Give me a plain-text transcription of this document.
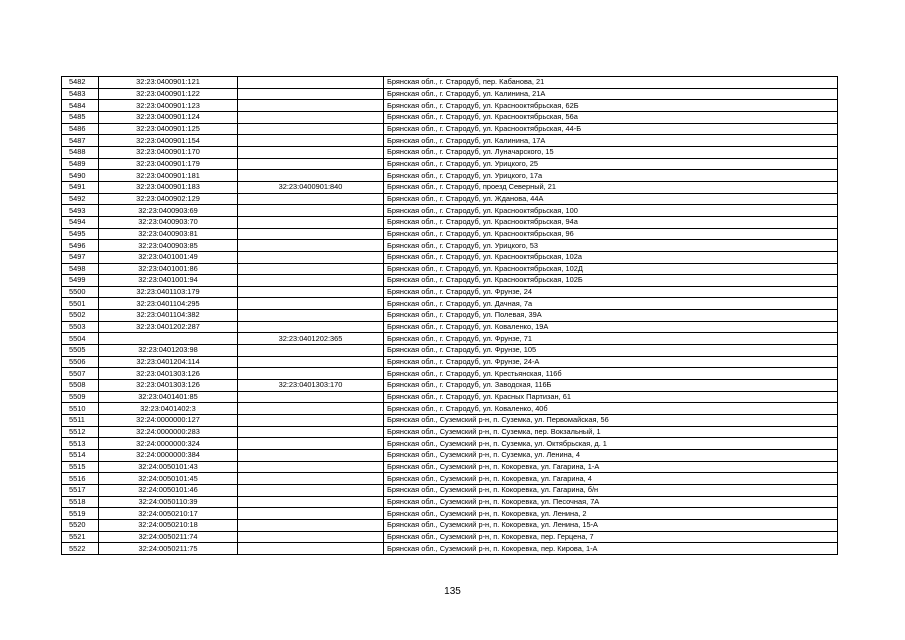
5482	32:23:0400901:121		Брянская обл., г. Стародуб, пер. Кабанова, 21
5483	32:23:0400901:122		Брянская обл., г. Стародуб, ул. Калинина, 21А
5484	32:23:0400901:123		Брянская обл., г. Стародуб, ул. Краснооктябрьская, 62Б
5485	32:23:0400901:124		Брянская обл., г. Стародуб, ул. Краснооктябрьская, 56а
5486	32:23:0400901:125		Брянская обл., г. Стародуб, ул. Краснооктябрьская, 44-Б
5487	32:23:0400901:154		Брянская обл., г. Стародуб, ул. Калинина, 17А
5488	32:23:0400901:170		Брянская обл., г. Стародуб, ул. Луначарского, 15
5489	32:23:0400901:179		Брянская обл., г. Стародуб, ул. Урицкого, 25
5490	32:23:0400901:181		Брянская обл., г. Стародуб, ул. Урицкого, 17а
5491	32:23:0400901:183	32:23:0400901:840	Брянская обл., г. Стародуб, проезд Северный, 21
5492	32:23:0400902:129		Брянская обл., г. Стародуб, ул. Жданова, 44А
5493	32:23:0400903:69		Брянская обл., г. Стародуб, ул. Краснооктябрьская, 100
5494	32:23:0400903:70		Брянская обл., г. Стародуб, ул. Краснооктябрьская, 94а
5495	32:23:0400903:81		Брянская обл., г. Стародуб, ул. Краснооктябрьская, 96
5496	32:23:0400903:85		Брянская обл., г. Стародуб, ул. Урицкого, 53
5497	32:23:0401001:49		Брянская обл., г. Стародуб, ул. Краснооктябрьская, 102а
5498	32:23:0401001:86		Брянская обл., г. Стародуб, ул. Краснооктябрьская, 102Д
5499	32:23:0401001:94		Брянская обл., г. Стародуб, ул. Краснооктябрьская, 102Б
5500	32:23:0401103:179		Брянская обл., г. Стародуб, ул. Фрунзе, 24
5501	32:23:0401104:295		Брянская обл., г. Стародуб, ул. Дачная, 7а
5502	32:23:0401104:382		Брянская обл., г. Стародуб, ул. Полевая, 39А
5503	32:23:0401202:287		Брянская обл., г. Стародуб, ул. Коваленко, 19А
5504		32:23:0401202:365	Брянская обл., г. Стародуб, ул. Фрунзе, 71
5505	32:23:0401203:98		Брянская обл., г. Стародуб, ул. Фрунзе, 105
5506	32:23:0401204:114		Брянская обл., г. Стародуб, ул. Фрунзе, 24-А
5507	32:23:0401303:126		Брянская обл., г. Стародуб, ул. Крестьянская, 116б
5508	32:23:0401303:126	32:23:0401303:170	Брянская обл., г. Стародуб, ул. Заводская, 116Б
5509	32:23:0401401:85		Брянская обл., г. Стародуб, ул. Красных Партизан, 61
5510	32:23:0401402:3		Брянская обл., г. Стародуб, ул. Коваленко, 40б
5511	32:24:0000000:127		Брянская обл., Суземский р-н, п. Суземка, ул. Первомайская, 56
5512	32:24:0000000:283		Брянская обл., Суземский р-н, п. Суземка, пер. Вокзальный, 1
5513	32:24:0000000:324		Брянская обл., Суземский р-н, п. Суземка, ул. Октябрьская, д. 1
5514	32:24:0000000:384		Брянская обл., Суземский р-н, п. Суземка, ул. Ленина, 4
5515	32:24:0050101:43		Брянская обл., Суземский р-н, п. Кокоревка, ул. Гагарина, 1-А
5516	32:24:0050101:45		Брянская обл., Суземский р-н, п. Кокоревка, ул. Гагарина, 4
5517	32:24:0050101:46		Брянская обл., Суземский р-н, п. Кокоревка, ул. Гагарина, б/н
5518	32:24:0050110:39		Брянская обл., Суземский р-н, п. Кокоревка, ул. Песочная, 7А
5519	32:24:0050210:17		Брянская обл., Суземский р-н, п. Кокоревка, ул. Ленина, 2
5520	32:24:0050210:18		Брянская обл., Суземский р-н, п. Кокоревка, ул. Ленина, 15-А
5521	32:24:0050211:74		Брянская обл., Суземский р-н, п. Кокоревка, пер. Герцена, 7
5522	32:24:0050211:75		Брянская обл., Суземский р-н, п. Кокоревка, пер. Кирова, 1-А
135
